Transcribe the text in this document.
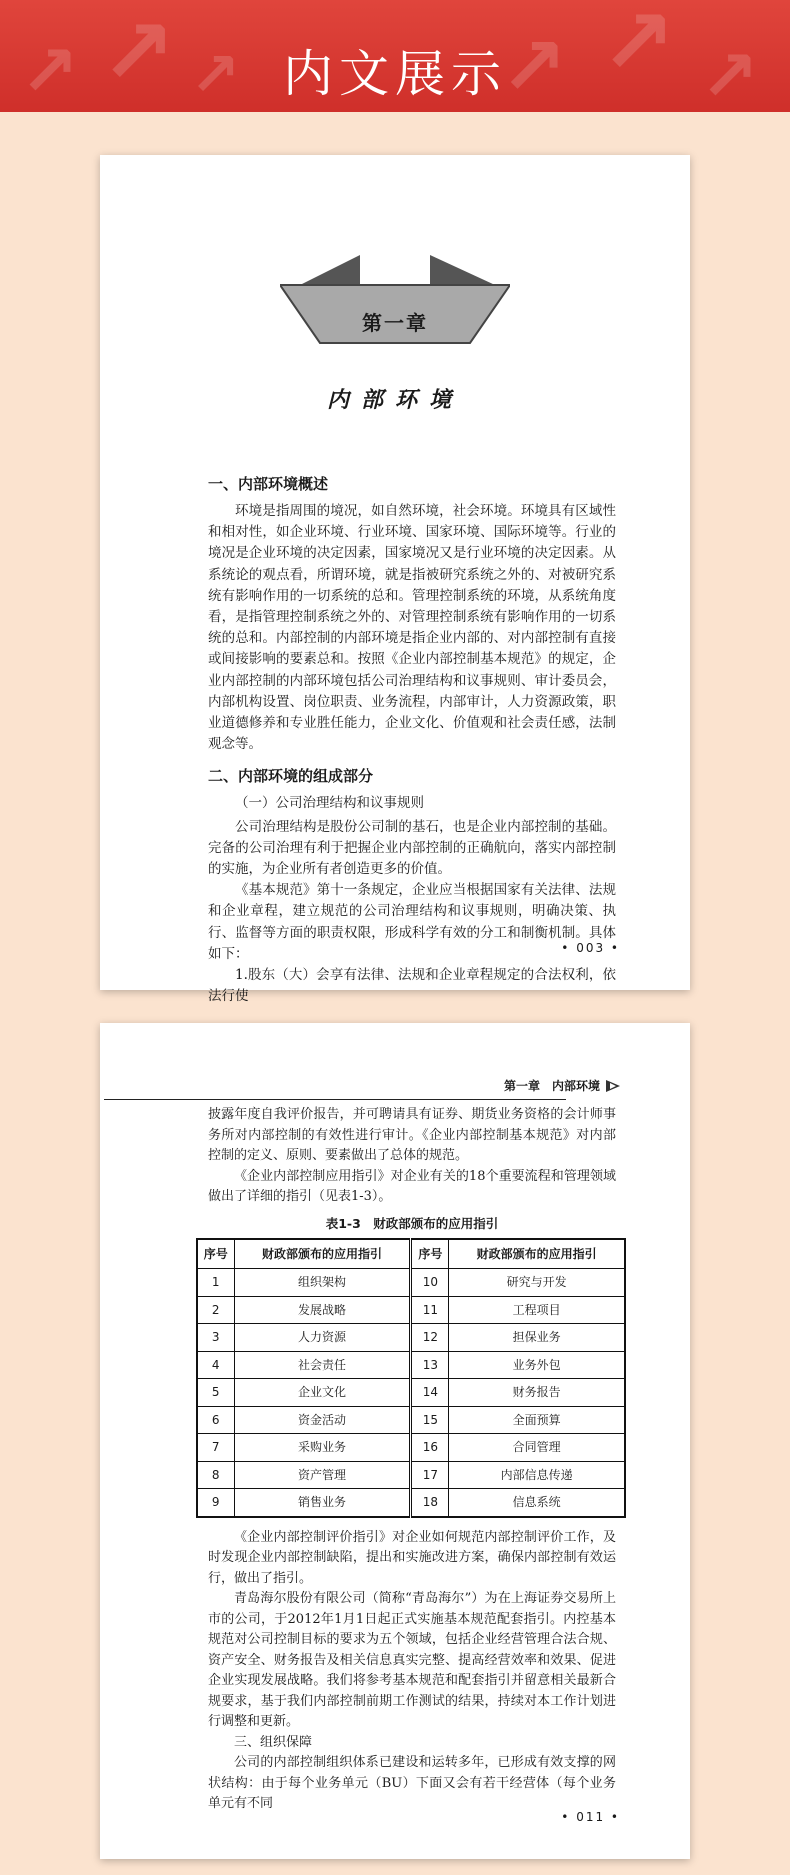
↗ ↗ ↗	↗ ↗ ↗
内文展示
第一章
内部环境
一、内部环境概述

环境是指周围的境况，如自然环境，社会环境。环境具有区域性和相对性，如企业环境、行业环境、国家环境、国际环境等。行业的境况是企业环境的决定因素，国家境况又是行业环境的决定因素。从系统论的观点看，所谓环境，就是指被研究系统之外的、对被研究系统有影响作用的一切系统的总和。管理控制系统的环境，从系统角度看，是指管理控制系统之外的、对管理控制系统有影响作用的一切系统的总和。内部控制的内部环境是指企业内部的、对内部控制有直接或间接影响的要素总和。按照《企业内部控制基本规范》的规定，企业内部控制的内部环境包括公司治理结构和议事规则、审计委员会，内部机构设置、岗位职责、业务流程，内部审计，人力资源政策，职业道德修养和专业胜任能力，企业文化、价值观和社会责任感，法制观念等。

二、内部环境的组成部分

（一）公司治理结构和议事规则

公司治理结构是股份公司制的基石，也是企业内部控制的基础。完备的公司治理有利于把握企业内部控制的正确航向，落实内部控制的实施，为企业所有者创造更多的价值。

《基本规范》第十一条规定，企业应当根据国家有关法律、法规和企业章程，建立规范的公司治理结构和议事规则，明确决策、执行、监督等方面的职责权限，形成科学有效的分工和制衡机制。具体如下：

1.股东（大）会享有法律、法规和企业章程规定的合法权利，依法行使

• 003 •
第一章　内部环境

披露年度自我评价报告，并可聘请具有证券、期货业务资格的会计师事务所对内部控制的有效性进行审计。《企业内部控制基本规范》对内部控制的定义、原则、要素做出了总体的规范。

《企业内部控制应用指引》对企业有关的18个重要流程和管理领域做出了详细的指引（见表1-3）。

表1-3　财政部颁布的应用指引
序号	财政部颁布的应用指引	序号	财政部颁布的应用指引
1	组织架构	10	研究与开发
2	发展战略	11	工程项目
3	人力资源	12	担保业务
4	社会责任	13	业务外包
5	企业文化	14	财务报告
6	资金活动	15	全面预算
7	采购业务	16	合同管理
8	资产管理	17	内部信息传递
9	销售业务	18	信息系统

《企业内部控制评价指引》对企业如何规范内部控制评价工作，及时发现企业内部控制缺陷，提出和实施改进方案，确保内部控制有效运行，做出了指引。

青岛海尔股份有限公司（简称“青岛海尔”）为在上海证券交易所上市的公司，于2012年1月1日起正式实施基本规范配套指引。内控基本规范对公司控制目标的要求为五个领域，包括企业经营管理合法合规、资产安全、财务报告及相关信息真实完整、提高经营效率和效果、促进企业实现发展战略。我们将参考基本规范和配套指引并留意相关最新合规要求，基于我们内部控制前期工作测试的结果，持续对本工作计划进行调整和更新。

三、组织保障

公司的内部控制组织体系已建设和运转多年，已形成有效支撑的网状结构：由于每个业务单元（BU）下面又会有若干经营体（每个业务单元有不同

• 011 •
